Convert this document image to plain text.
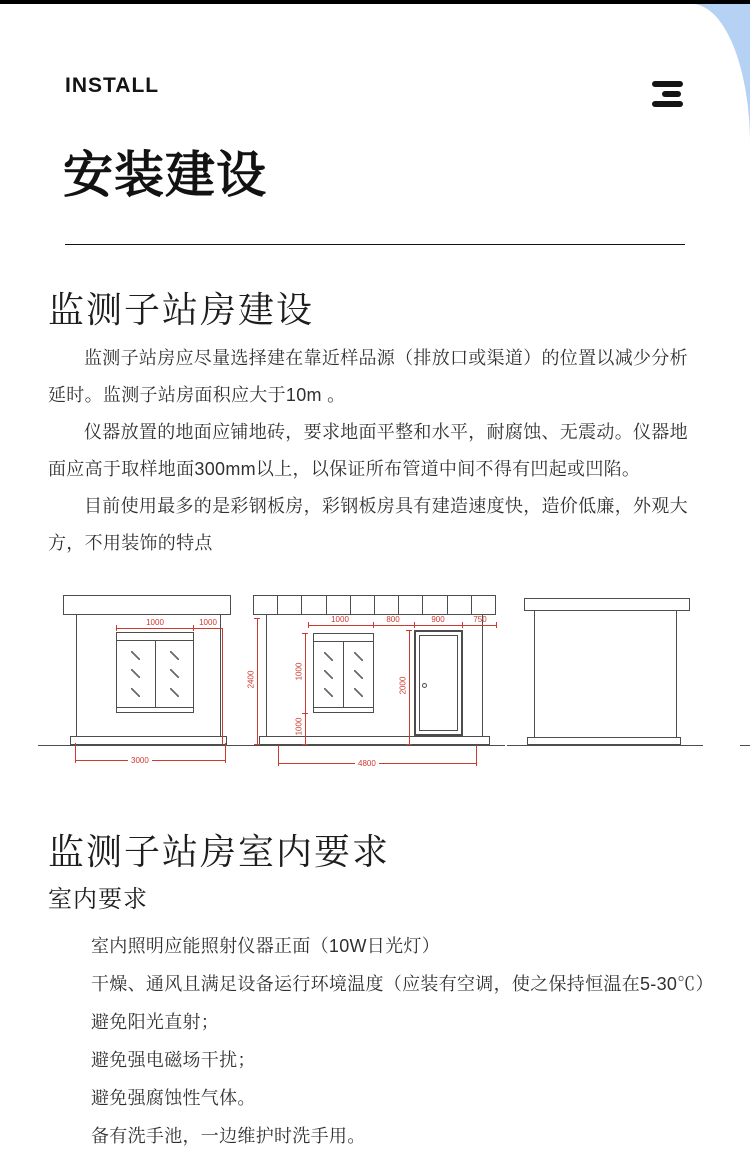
INSTALL
安装建设
监测子站房建设

监测子站房应尽量选择建在靠近样品源（排放口或渠道）的位置以减少分析延时。监测子站房面积应大于10m 。

仪器放置的地面应铺地砖，要求地面平整和水平，耐腐蚀、无震动。仪器地面应高于取样地面300mm以上，以保证所布管道中间不得有凹起或凹陷。

目前使用最多的是彩钢板房，彩钢板房具有建造速度快，造价低廉，外观大方，不用装饰的特点

1000	1000
3000
1000	800	900	750
2400	1000
1000
2000
4800
监测子站房室内要求
室内要求
室内照明应能照射仪器正面（10W日光灯）
干燥、通风且满足设备运行环境温度（应装有空调，使之保持恒温在5-30℃）
避免阳光直射；
避免强电磁场干扰；
避免强腐蚀性气体。
备有洗手池，一边维护时洗手用。
